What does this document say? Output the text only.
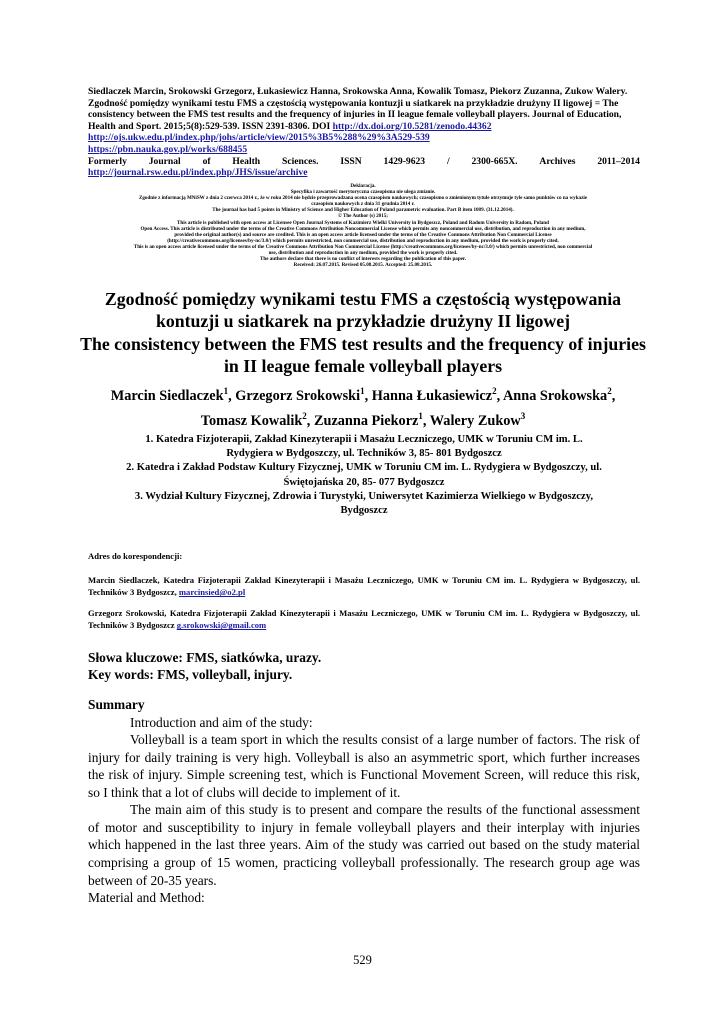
Siedlaczek Marcin, Srokowski Grzegorz, Łukasiewicz Hanna, Srokowska Anna, Kowalik Tomasz, Piekorz Zuzanna, Zukow Walery.
Zgodność pomiędzy wynikami testu FMS a częstością występowania kontuzji u siatkarek na przykładzie drużyny II ligowej = The
consistency between the FMS test results and the frequency of injuries in II league female volleyball players. Journal of Education,
Health and Sport. 2015;5(8):529-539. ISSN 2391-8306. DOI http://dx.doi.org/10.5281/zenodo.44362
http://ojs.ukw.edu.pl/index.php/johs/article/view/2015%3B5%288%29%3A529-539
https://pbn.nauka.gov.pl/works/688455
Formerly Journal of Health Sciences. ISSN 1429-9623 / 2300-665X. Archives 2011–2014
http://journal.rsw.edu.pl/index.php/JHS/issue/archive
Deklaracja.
Specyfika i zawartość merytoryczna czasopisma nie ulega zmianie.
Zgodnie z informacją MNiSW z dnia 2 czerwca 2014 r., że w roku 2014 nie będzie przeprowadzana ocena czasopism naukowych; czasopismo o zmienionym tytule otrzymuje tyle samo punktów co na wykazie
czasopism naukowych z dnia 31 grudnia 2014 r.
The journal has had 5 points in Ministry of Science and Higher Education of Poland parametric evaluation. Part B item 1089. (31.12.2014).
© The Author (s) 2015;
This article is published with open access at Licensee Open Journal Systems of Kazimierz Wielki University in Bydgoszcz, Poland and Radom University in Radom, Poland
Open Access. This article is distributed under the terms of the Creative Commons Attribution Noncommercial License which permits any noncommercial use, distribution, and reproduction in any medium,
provided the original author(s) and source are credited. This is an open access article licensed under the terms of the Creative Commons Attribution Non Commercial License
(http://creativecommons.org/licenses/by-nc/3.0/) which permits unrestricted, non commercial use, distribution and reproduction in any medium, provided the work is properly cited.
This is an open access article licensed under the terms of the Creative Commons Attribution Non Commercial License (http://creativecommons.org/licenses/by-nc/3.0/) which permits unrestricted, non commercial
use, distribution and reproduction in any medium, provided the work is properly cited.
The authors declare that there is no conflict of interests regarding the publication of this paper.
Received: 26.07.2015. Revised 05.08.2015. Accepted: 25.08.2015.
Zgodność pomiędzy wynikami testu FMS a częstością występowania
kontuzji u siatkarek na przykładzie drużyny II ligowej
The consistency between the FMS test results and the frequency of injuries
in II league female volleyball players
Marcin Siedlaczek$^1$, Grzegorz Srokowski$^1$, Hanna Łukasiewicz$^2$, Anna Srokowska$^2$,
Tomasz Kowalik$^2$, Zuzanna Piekorz$^1$, Walery Zukow$^3$
1. Katedra Fizjoterapii, Zakład Kinezyterapii i Masażu Leczniczego, UMK w Toruniu CM im. L.
Rydygiera w Bydgoszczy, ul. Techników 3, 85- 801 Bydgoszcz
2. Katedra i Zakład Podstaw Kultury Fizycznej, UMK w Toruniu CM im. L. Rydygiera w Bydgoszczy, ul.
Świętojańska 20, 85- 077 Bydgoszcz
3. Wydział Kultury Fizycznej, Zdrowia i Turystyki, Uniwersytet Kazimierza Wielkiego w Bydgoszczy,
Bydgoszcz
Adres do korespondencji:
Marcin Siedlaczek, Katedra Fizjoterapii Zakład Kinezyterapii i Masażu Leczniczego, UMK w Toruniu CM im. L. Rydygiera w Bydgoszczy, ul. Techników 3 Bydgoszcz, marcinsied@o2.pl
Grzegorz Srokowski, Katedra Fizjoterapii Zakład Kinezyterapii i Masażu Leczniczego, UMK w Toruniu CM im. L. Rydygiera w Bydgoszczy, ul. Techników 3 Bydgoszcz g.srokowski@gmail.com
Słowa kluczowe: FMS, siatkówka, urazy.
Key words: FMS, volleyball, injury.
Summary
Introduction and aim of the study:
Volleyball is a team sport in which the results consist of a large number of factors. The risk of injury for daily training is very high. Volleyball is also an asymmetric sport, which further increases the risk of injury. Simple screening test, which is Functional Movement Screen, will reduce this risk, so I think that a lot of clubs will decide to implement of it.
The main aim of this study is to present and compare the results of the functional assessment of motor and susceptibility to injury in female volleyball players and their interplay with injuries which happened in the last three years. Aim of the study was carried out based on the study material comprising a group of 15 women, practicing volleyball professionally. The research group age was between of 20-35 years.
Material and Method:
529
